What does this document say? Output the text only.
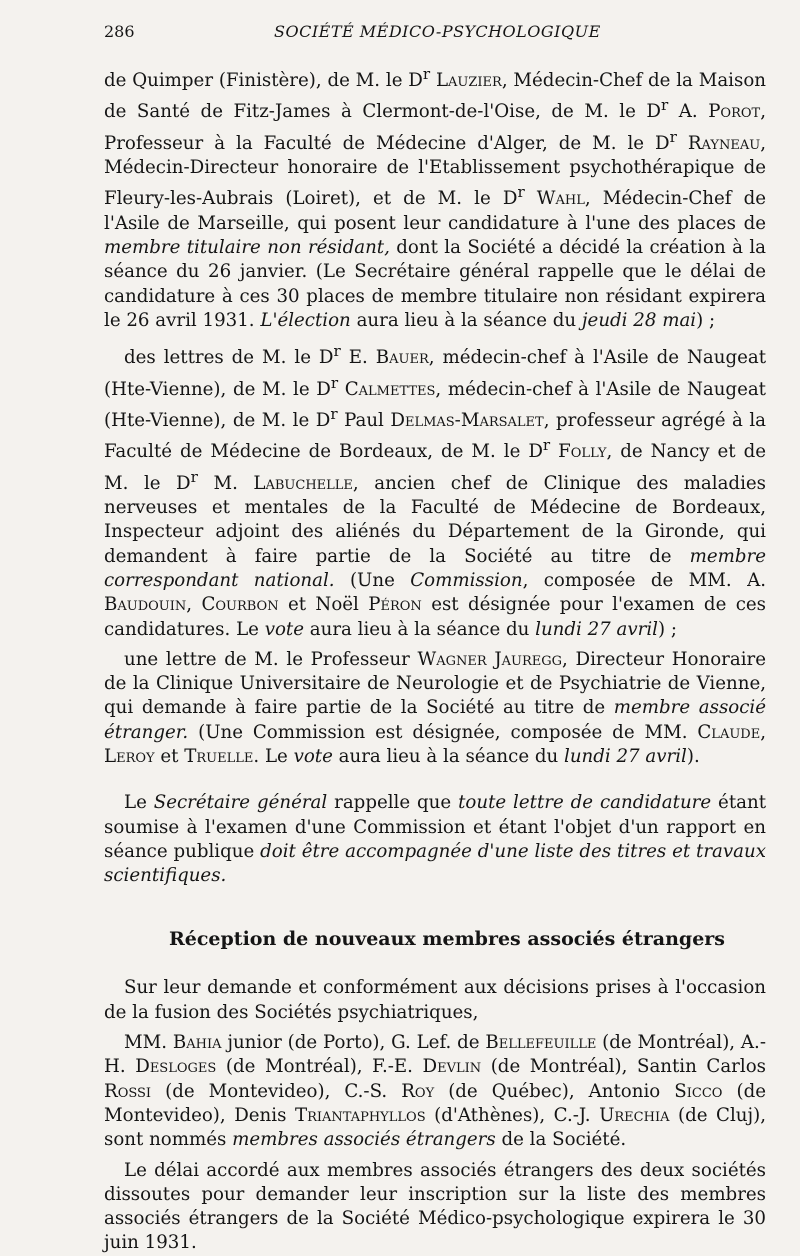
286	SOCIÉTÉ MÉDICO-PSYCHOLOGIQUE

de Quimper (Finistère), de M. le $D^r$ Lauzier, Médecin-Chef de la Maison de Santé de Fitz-James à Clermont-de-l'Oise, de M. le $D^r$ A. Porot, Professeur à la Faculté de Médecine d'Alger, de M. le $D^r$ Rayneau, Médecin-Directeur honoraire de l'Etablissement psychothérapique de Fleury-les-Aubrais (Loiret), et de M. le $D^r$ Wahl, Médecin-Chef de l'Asile de Marseille, qui posent leur candidature à l'une des places de membre titulaire non résidant, dont la Société a décidé la création à la séance du 26 janvier. (Le Secrétaire général rappelle que le délai de candidature à ces 30 places de membre titulaire non résidant expirera le 26 avril 1931. L'élection aura lieu à la séance du jeudi 28 mai) ;

des lettres de M. le $D^r$ E. Bauer, médecin-chef à l'Asile de Naugeat (Hte-Vienne), de M. le $D^r$ Calmettes, médecin-chef à l'Asile de Naugeat (Hte-Vienne), de M. le $D^r$ Paul Delmas-Marsalet, professeur agrégé à la Faculté de Médecine de Bordeaux, de M. le $D^r$ Folly, de Nancy et de M. le $D^r$ M. Labuchelle, ancien chef de Clinique des maladies nerveuses et mentales de la Faculté de Médecine de Bordeaux, Inspecteur adjoint des aliénés du Département de la Gironde, qui demandent à faire partie de la Société au titre de membre correspondant national. (Une Commission, composée de MM. A. Baudouin, Courbon et Noël Péron est désignée pour l'examen de ces candidatures. Le vote aura lieu à la séance du lundi 27 avril) ;

une lettre de M. le Professeur Wagner Jauregg, Directeur Honoraire de la Clinique Universitaire de Neurologie et de Psychiatrie de Vienne, qui demande à faire partie de la Société au titre de membre associé étranger. (Une Commission est désignée, composée de MM. Claude, Leroy et Truelle. Le vote aura lieu à la séance du lundi 27 avril).

Le Secrétaire général rappelle que toute lettre de candidature étant soumise à l'examen d'une Commission et étant l'objet d'un rapport en séance publique doit être accompagnée d'une liste des titres et travaux scientifiques.

Réception de nouveaux membres associés étrangers

Sur leur demande et conformément aux décisions prises à l'occasion de la fusion des Sociétés psychiatriques,

MM. Bahia junior (de Porto), G. Lef. de Bellefeuille (de Montréal), A.-H. Desloges (de Montréal), F.-E. Devlin (de Montréal), Santin Carlos Rossi (de Montevideo), C.-S. Roy (de Québec), Antonio Sicco (de Montevideo), Denis Triantaphyllos (d'Athènes), C.-J. Urechia (de Cluj), sont nommés membres associés étrangers de la Société.

Le délai accordé aux membres associés étrangers des deux sociétés dissoutes pour demander leur inscription sur la liste des membres associés étrangers de la Société Médico-psychologique expirera le 30 juin 1931.
